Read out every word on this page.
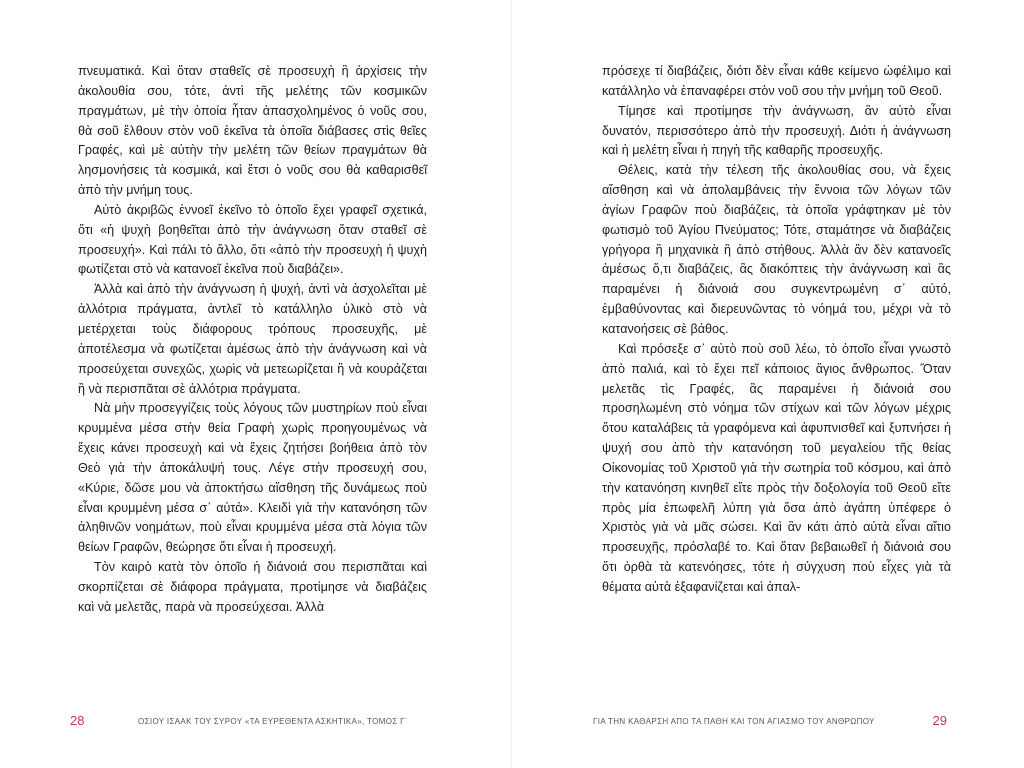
πνευματικά. Καὶ ὅταν σταθεῖς σὲ προσευχὴ ἢ ἀρχίσεις τὴν ἀκολουθία σου, τότε, ἀντὶ τῆς μελέτης τῶν κοσμικῶν πραγμάτων, μὲ τὴν ὁποία ἦταν ἀπασχολημένος ὁ νοῦς σου, θὰ σοῦ ἔλθουν στὸν νοῦ ἐκεῖνα τὰ ὁποῖα διάβασες στὶς θεῖες Γραφές, καὶ μὲ αὐτὴν τὴν μελέτη τῶν θείων πραγμάτων θὰ λησμονήσεις τὰ κοσμικά, καὶ ἔτσι ὁ νοῦς σου θὰ καθαρισθεῖ ἀπὸ τὴν μνήμη τους.

Αὐτὸ ἀκριβῶς ἐννοεῖ ἐκεῖνο τὸ ὁποῖο ἔχει γραφεῖ σχετικά, ὅτι «ἡ ψυχὴ βοηθεῖται ἀπὸ τὴν ἀνάγνωση ὅταν σταθεῖ σὲ προσευχή». Καὶ πάλι τὸ ἄλλο, ὅτι «ἀπὸ τὴν προσευχὴ ἡ ψυχὴ φωτίζεται στὸ νὰ κατανοεῖ ἐκεῖνα ποὺ διαβάζει».

Ἀλλὰ καὶ ἀπὸ τὴν ἀνάγνωση ἡ ψυχή, ἀντὶ νὰ ἀσχολεῖται μὲ ἀλλότρια πράγματα, ἀντλεῖ τὸ κατάλληλο ὑλικὸ στὸ νὰ μετέρχεται τοὺς διάφορους τρόπους προσευχῆς, μὲ ἀποτέλεσμα νὰ φωτίζεται ἀμέσως ἀπὸ τὴν ἀνάγνωση καὶ νὰ προσεύχεται συνεχῶς, χωρὶς νὰ μετεωρίζεται ἢ νὰ κουράζεται ἢ νὰ περισπᾶται σὲ ἀλλότρια πράγματα.

Νὰ μὴν προσεγγίζεις τοὺς λόγους τῶν μυστηρίων ποὺ εἶναι κρυμμένα μέσα στὴν θεία Γραφὴ χωρὶς προηγουμένως νὰ ἔχεις κάνει προσευχὴ καὶ νὰ ἔχεις ζητήσει βοήθεια ἀπὸ τὸν Θεὸ γιὰ τὴν ἀποκάλυψή τους. Λέγε στὴν προσευχή σου, «Κύριε, δῶσε μου νὰ ἀποκτήσω αἴσθηση τῆς δυνάμεως ποὺ εἶναι κρυμμένη μέσα σ᾽ αὐτά». Κλειδὶ γιὰ τὴν κατανόηση τῶν ἀληθινῶν νοημάτων, ποὺ εἶναι κρυμμένα μέσα στὰ λόγια τῶν θείων Γραφῶν, θεώρησε ὅτι εἶναι ἡ προσευχή.

Τὸν καιρὸ κατὰ τὸν ὁποῖο ἡ διάνοιά σου περισπᾶται καὶ σκορπίζεται σὲ διάφορα πράγματα, προτίμησε νὰ διαβάζεις καὶ νὰ μελετᾶς, παρὰ νὰ προσεύχεσαι. Ἀλλὰ

28	ΟΣΙΟΥ ΙΣΑΑΚ ΤΟΥ ΣΥΡΟΥ «ΤΑ ΕΥΡΕΘΕΝΤΑ ΑΣΚΗΤΙΚΑ», ΤΟΜΟΣ Γ΄

πρόσεχε τί διαβάζεις, διότι δὲν εἶναι κάθε κείμενο ὠφέλιμο καὶ κατάλληλο νὰ ἐπαναφέρει στὸν νοῦ σου τὴν μνήμη τοῦ Θεοῦ.

Τίμησε καὶ προτίμησε τὴν ἀνάγνωση, ἂν αὐτὸ εἶναι δυνατόν, περισσότερο ἀπὸ τὴν προσευχή. Διότι ἡ ἀνάγνωση καὶ ἡ μελέτη εἶναι ἡ πηγὴ τῆς καθαρῆς προσευχῆς.

Θέλεις, κατὰ τὴν τέλεση τῆς ἀκολουθίας σου, νὰ ἔχεις αἴσθηση καὶ νὰ ἀπολαμβάνεις τὴν ἔννοια τῶν λόγων τῶν ἁγίων Γραφῶν ποὺ διαβάζεις, τὰ ὁποῖα γράφτηκαν μὲ τὸν φωτισμὸ τοῦ Ἁγίου Πνεύματος; Τότε, σταμάτησε νὰ διαβάζεις γρήγορα ἢ μηχανικὰ ἢ ἀπὸ στήθους. Ἀλλὰ ἂν δὲν κατανοεῖς ἀμέσως ὅ,τι διαβάζεις, ἂς διακόπτεις τὴν ἀνάγνωση καὶ ἂς παραμένει ἡ διάνοιά σου συγκεντρωμένη σ᾽ αὐτό, ἐμβαθύνοντας καὶ διερευνῶντας τὸ νόημά του, μέχρι νὰ τὸ κατανοήσεις σὲ βάθος.

Καὶ πρόσεξε σ᾽ αὐτὸ ποὺ σοῦ λέω, τὸ ὁποῖο εἶναι γνωστὸ ἀπὸ παλιά, καὶ τὸ ἔχει πεῖ κάποιος ἅγιος ἄνθρωπος. Ὅταν μελετᾶς τὶς Γραφές, ἂς παραμένει ἡ διάνοιά σου προσηλωμένη στὸ νόημα τῶν στίχων καὶ τῶν λόγων μέχρις ὅτου καταλάβεις τὰ γραφόμενα καὶ ἀφυπνισθεῖ καὶ ξυπνήσει ἡ ψυχή σου ἀπὸ τὴν κατανόηση τοῦ μεγαλείου τῆς θείας Οἰκονομίας τοῦ Χριστοῦ γιὰ τὴν σωτηρία τοῦ κόσμου, καὶ ἀπὸ τὴν κατανόηση κινηθεῖ εἴτε πρὸς τὴν δοξολογία τοῦ Θεοῦ εἴτε πρὸς μία ἐπωφελῆ λύπη γιὰ ὅσα ἀπὸ ἀγάπη ὑπέφερε ὁ Χριστὸς γιὰ νὰ μᾶς σώσει. Καὶ ἂν κάτι ἀπὸ αὐτὰ εἶναι αἴτιο προσευχῆς, πρόσλαβέ το. Καὶ ὅταν βεβαιωθεῖ ἡ διάνοιά σου ὅτι ὀρθὰ τὰ κατενόησες, τότε ἡ σύγχυση ποὺ εἶχες γιὰ τὰ θέματα αὐτὰ ἐξαφανίζεται καὶ ἀπαλ-

ΓΙΑ ΤΗΝ ΚΑΘΑΡΣΗ ΑΠΟ ΤΑ ΠΑΘΗ ΚΑΙ ΤΟΝ ΑΓΙΑΣΜΟ ΤΟΥ ΑΝΘΡΩΠΟΥ	29
